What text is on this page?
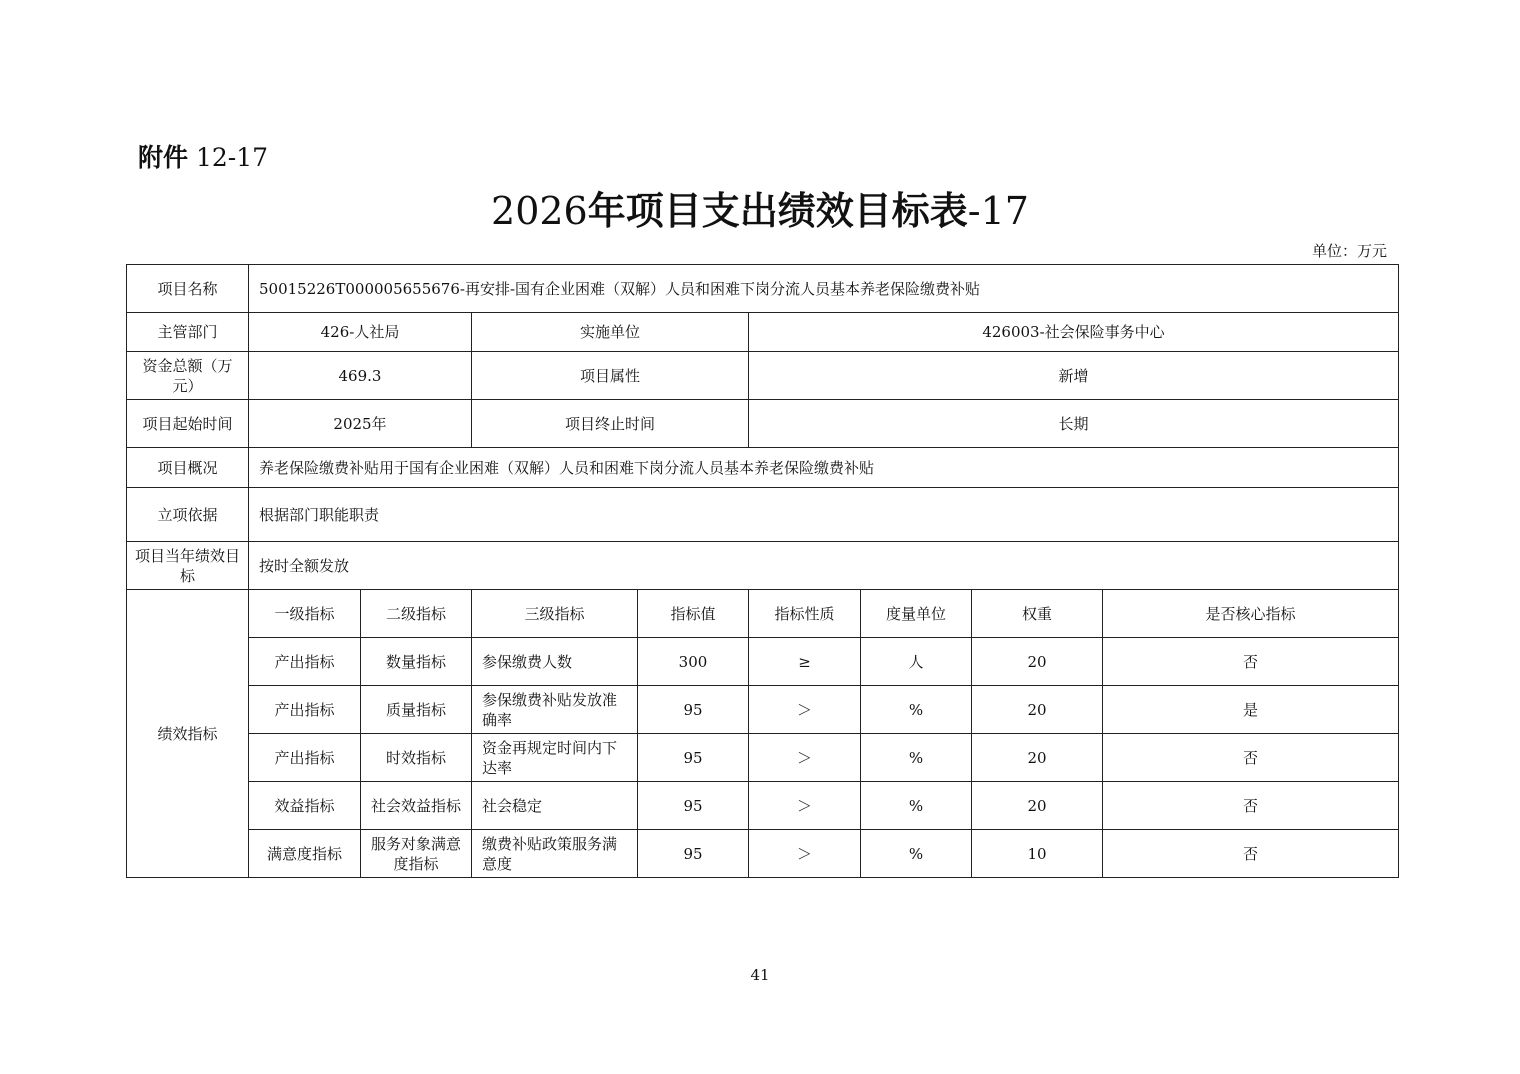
附件 12-17
2026年项目支出绩效目标表-17
单位：万元
项目名称	50015226T000005655676-再安排-国有企业困难（双解）人员和困难下岗分流人员基本养老保险缴费补贴							
主管部门	426-人社局		实施单位		426003-社会保险事务中心			
资金总额（万元）	469.3		项目属性		新增			
项目起始时间	2025年		项目终止时间		长期			
项目概况	养老保险缴费补贴用于国有企业困难（双解）人员和困难下岗分流人员基本养老保险缴费补贴							
立项依据	根据部门职能职责							
项目当年绩效目标	按时全额发放							
绩效指标	一级指标	二级指标	三级指标	指标值	指标性质	度量单位	权重	是否核心指标
	产出指标	数量指标	参保缴费人数	300	≥	人	20	否
	产出指标	质量指标	参保缴费补贴发放准确率	95	＞	%	20	是
	产出指标	时效指标	资金再规定时间内下达率	95	＞	%	20	否
	效益指标	社会效益指标	社会稳定	95	＞	%	20	否
	满意度指标	服务对象满意度指标	缴费补贴政策服务满意度	95	＞	%	10	否
41
